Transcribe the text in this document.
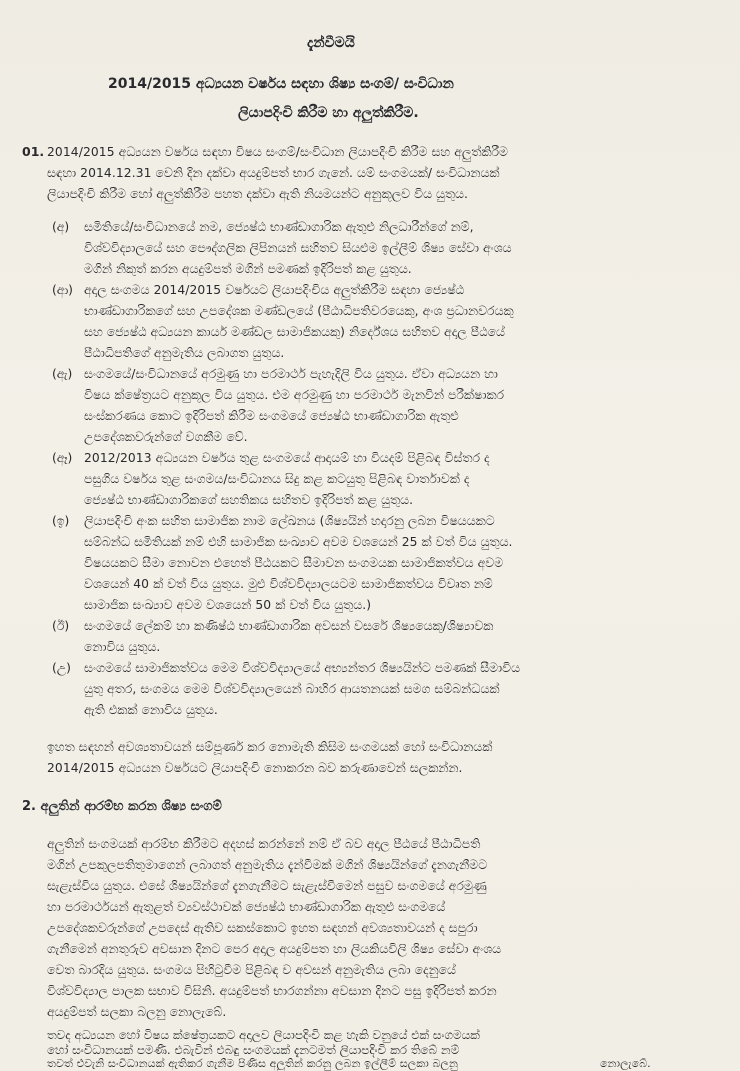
දැන්වීමයි
2014/2015 අධ්‍යයන වර්ෂය සඳහා ශිෂ්‍ය සංගම්/ සංවිධාන
ලියාපදිංචි කිරීම හා අලුත්කිරීම.
01. 2014/2015 අධ්‍යයන වර්ෂය සඳහා විෂය සංගම්/සංවිධාන ලියාපදිංචි කිරීම සහ අලුත්කිරීම
සඳහා 2014.12.31 වෙනි දින දක්වා අයදුම්පත් භාර ගැනේ. යම් සංගමයක්/ සංවිධානයක්
ලියාපදිංචි කිරීම හෝ අලුත්කිරීම පහත දක්වා ඇති නියමයන්ට අනුකූලව විය යුතුය.
(අ) සමිතියේ/සංවිධානයේ නම, ජ්‍යෙෂ්ඨ භාණ්ඩාගාරික ඇතුළු නිලධාරීන්ගේ නම්,
විශ්වවිද්‍යාලයේ සහ පෞද්ගලික ලිපිනයන් සහිතව සියළුම ඉල්ලීම් ශිෂ්‍ය සේවා අංශය
මගින් නිකුත් කරන අයදුම්පත් මගින් පමණක් ඉදිරිපත් කළ යුතුය.
(ආ) අදාල සංගමය 2014/2015 වර්ෂයට ලියාපදිංචිය අලුත්කිරීම සඳහා ජ්‍යෙෂ්ඨ
භාණ්ඩාගාරිකගේ සහ උපදේශක මණ්ඩලයේ (පීඨාධිපතිවරයෙකු, අංශ ප්‍රධානවරයකු
සහ ජ්‍යෙෂ්ඨ අධ්‍යයන කාර්ය මණ්ඩල සාමාජිකයකු) නිර්දේශය සහිතව අදාල පීඨයේ
පීඨාධිපතිගේ අනුමැතිය ලබාගත යුතුය.
(ඇ) සංගමයේ/සංවිධානයේ අරමුණු හා පරමාර්ථ පැහැදිලි විය යුතුය. ඒවා අධ්‍යයන හා
විෂය ක්ෂේත්‍රයට අනුකූල විය යුතුය. එම අරමුණු හා පරමාර්ථ මැනවින් පරීක්ෂාකර
සංස්කරණය කොට ඉදිරිපත් කිරීම සංගමයේ ජ්‍යෙෂ්ඨ භාණ්ඩාගාරික ඇතුළු
උපදේශකවරුන්ගේ වගකීම වේ.
(ඈ) 2012/2013 අධ්‍යයන වර්ෂය තුළ සංගමයේ ආදායම් හා වියදම් පිළිබඳ විස්තර ද
පසුගිය වර්ෂය තුළ සංගමය/සංවිධානය සිදු කළ කටයුතු පිළිබඳ වාර්තාවක් ද
ජ්‍යෙෂ්ඨ භාණ්ඩාගාරිකගේ සහතිකය සහිතව ඉදිරිපත් කළ යුතුය.
(ඉ) ලියාපදිංචි අංක සහිත සාමාජික නාම ලේඛනය (ශිෂ්‍යයින් හදාරනු ලබන විෂයයකට
සම්බන්ධ සමිතියක් නම් එහි සාමාජික සංඛ්‍යාව අවම වශයෙන් 25 ක් වත් විය යුතුය.
විෂයයකට සීමා නොවන එහෙත් පීඨයකට සීමාවන සංගමයක සාමාජිකත්වය අවම
වශයෙන් 40 ක් වත් විය යුතුය. මුළු විශ්වවිද්‍යාලයටම සාමාජිකත්වය විවෘත නම්
සාමාජික සංඛ්‍යාව අවම වශයෙන් 50 ක් වත් විය යුතුය.)
(ඊ) සංගමයේ ලේකම් හා කණිෂ්ඨ භාණ්ඩාගාරික අවසන් වසරේ ශිෂ්‍යයෙකු/ශිෂ්‍යාවක
නොවිය යුතුය.
(උ) සංගමයේ සාමාජිකත්වය මෙම විශ්වවිද්‍යාලයේ අභ්‍යන්තර ශිෂ්‍යයින්ට පමණක් සීමාවිය
යුතු අතර, සංගමය මෙම විශ්වවිද්‍යාලයෙන් බාහිර ආයතනයක් සමග සම්බන්ධයක්
ඇති එකක් නොවිය යුතුය.
ඉහත සඳහන් අවශ්‍යතාවයන් සම්පූර්ණ කර නොමැති කිසිම සංගමයක් හෝ සංවිධානයක්
2014/2015 අධ්‍යයන වර්ෂයට ලියාපදිංචි නොකරන බව කරුණාවෙන් සලකන්න.
2. අලුතින් ආරම්භ කරන ශිෂ්‍ය සංගම්
අලුතින් සංගමයක් ආරම්භ කිරීමට අදහස් කරන්නේ නම් ඒ බව අදාල පීඨයේ පීඨාධිපති
මගින් උපකුලපතිතුමාගෙන් ලබාගත් අනුමැතිය දැන්වීමක් මගින් ශිෂ්‍යයින්ගේ දැනගැනීමට
සැළැස්විය යුතුය. එසේ ශිෂ්‍යයින්ගේ දැනගැනීමට සැළැස්වීමෙන් පසුව සංගමයේ අරමුණු
හා පරමාර්ථයන් ඇතුළත් ව්‍යවස්ථාවක් ජ්‍යෙෂ්ඨ භාණ්ඩාගාරික ඇතුළු සංගමයේ
උපදේශකවරුන්ගේ උපදෙස් ඇතිව සකස්කොට ඉහත සඳහන් අවශ්‍යතාවයන් ද සපුරා
ගැනීමෙන් අනතුරුව අවසාන දිනට පෙර අදාල අයදුම්පත හා ලියකියවිලි ශිෂ්‍ය සේවා අංශය
වෙත බාරදිය යුතුය. සංගමය පිහිටුවීම පිළිබඳ ව අවසන් අනුමැතිය ලබා දෙනුයේ
විශ්වවිද්‍යාල පාලක සභාව විසිනි. අයදුම්පත් භාරගන්නා අවසාන දිනට පසු ඉදිරිපත් කරන
අයදුම්පත් සලකා බලනු නොලැබේ.
තවද අධ්‍යයන හෝ විෂය ක්ෂේත්‍රයකට අදාලව ලියාපදිංචි කළ හැකි වනුයේ එක් සංගමයක්
හෝ සංවිධානයක් පමණී. එබැවින් එබඳු සංගමයක් දැනටමත් ලියාපදිංචි කර තිබේ නම්
තවත් එවැනි සංවිධානයක් ඇතිකර ගැනීම පිණිස අලුතින් කරනු ලබන ඉල්ලීම් සලකා බලනු	නොලැබේ.
